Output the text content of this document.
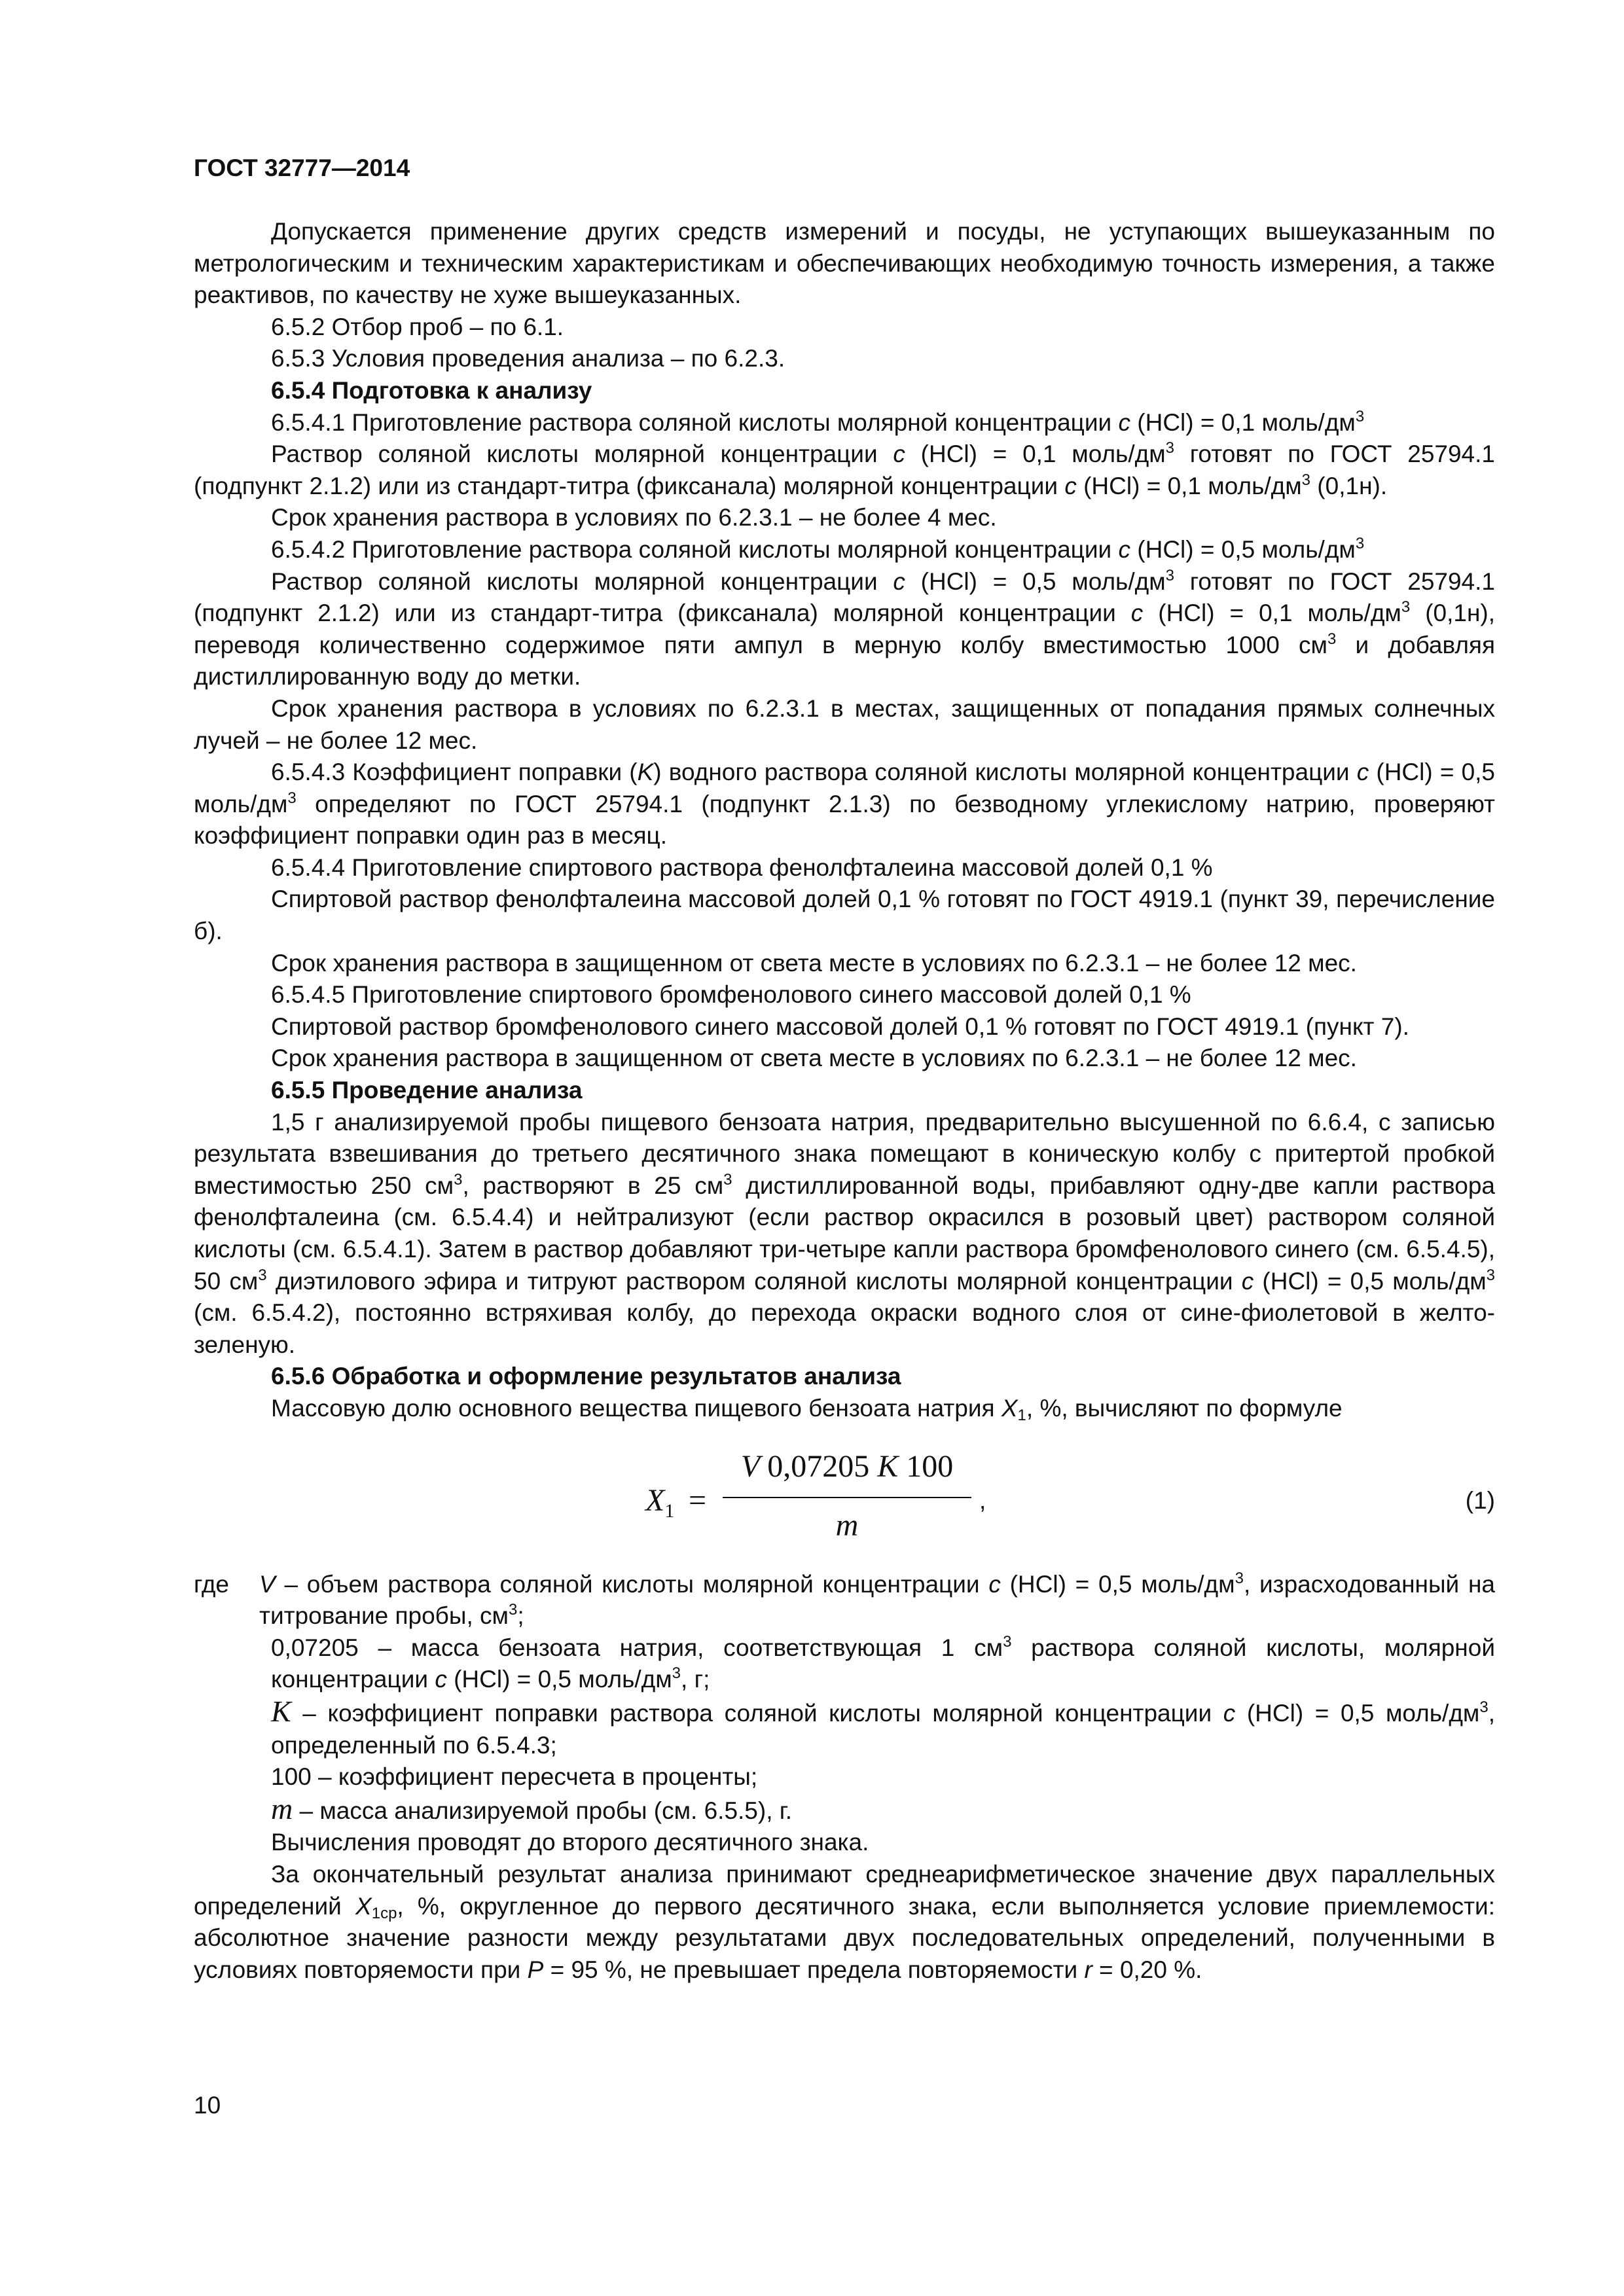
ГОСТ 32777—2014

Допускается применение других средств измерений и посуды, не уступающих вышеуказанным по метрологическим и техническим характеристикам и обеспечивающих необходимую точность измерения, а также реактивов, по качеству не хуже вышеуказанных.

6.5.2 Отбор проб – по 6.1.

6.5.3 Условия проведения анализа – по 6.2.3.

6.5.4 Подготовка к анализу

6.5.4.1 Приготовление раствора соляной кислоты молярной концентрации c (HCl) = 0,1 моль/$дм^3$

Раствор соляной кислоты молярной концентрации c (HCl) = 0,1 моль/$дм^3$ готовят по ГОСТ 25794.1 (подпункт 2.1.2) или из стандарт-титра (фиксанала) молярной концентрации c (HCl) = 0,1 моль/$дм^3$ (0,1н).

Срок хранения раствора в условиях по 6.2.3.1 – не более 4 мес.

6.5.4.2 Приготовление раствора соляной кислоты молярной концентрации c (HCl) = 0,5 моль/$дм^3$

Раствор соляной кислоты молярной концентрации c (HCl) = 0,5 моль/$дм^3$ готовят по ГОСТ 25794.1 (подпункт 2.1.2) или из стандарт-титра (фиксанала) молярной концентрации c (HCl) = 0,1 моль/$дм^3$ (0,1н), переводя количественно содержимое пяти ампул в мерную колбу вместимостью 1000 $см^3$ и добавляя дистиллированную воду до метки.

Срок хранения раствора в условиях по 6.2.3.1 в местах, защищенных от попадания прямых солнечных лучей – не более 12 мес.

6.5.4.3 Коэффициент поправки (K) водного раствора соляной кислоты молярной концентрации c (HCl) = 0,5 моль/$дм^3$ определяют по ГОСТ 25794.1 (подпункт 2.1.3) по безводному углекислому натрию, проверяют коэффициент поправки один раз в месяц.

6.5.4.4 Приготовление спиртового раствора фенолфталеина массовой долей 0,1 %

Спиртовой раствор фенолфталеина массовой долей 0,1 % готовят по ГОСТ 4919.1 (пункт 39, перечисление б).

Срок хранения раствора в защищенном от света месте в условиях по 6.2.3.1 – не более 12 мес.

6.5.4.5 Приготовление спиртового бромфенолового синего массовой долей 0,1 %

Спиртовой раствор бромфенолового синего массовой долей 0,1 % готовят по ГОСТ 4919.1 (пункт 7).

Срок хранения раствора в защищенном от света месте в условиях по 6.2.3.1 – не более 12 мес.

6.5.5 Проведение анализа

1,5 г анализируемой пробы пищевого бензоата натрия, предварительно высушенной по 6.6.4, с записью результата взвешивания до третьего десятичного знака помещают в коническую колбу с притертой пробкой вместимостью 250 $см^3$, растворяют в 25 $см^3$ дистиллированной воды, прибавляют одну-две капли раствора фенолфталеина (см. 6.5.4.4) и нейтрализуют (если раствор окрасился в розовый цвет) раствором соляной кислоты (см. 6.5.4.1). Затем в раствор добавляют три-четыре капли раствора бромфенолового синего (см. 6.5.4.5), 50 $см^3$ диэтилового эфира и титруют раствором соляной кислоты молярной концентрации c (HCl) = 0,5 моль/$дм^3$ (см. 6.5.4.2), постоянно встряхивая колбу, до перехода окраски водного слоя от сине-фиолетовой в желто-зеленую.

6.5.6 Обработка и оформление результатов анализа

Массовую долю основного вещества пищевого бензоата натрия $X_1$, %, вычисляют по формуле

$X_1$ =
V 0,07205 K 100
m
,	(1)
где V – объем раствора соляной кислоты молярной концентрации c (HCl) = 0,5 моль/$дм^3$, израсходованный на титрование пробы, $см^3$;

0,07205 – масса бензоата натрия, соответствующая 1 $см^3$ раствора соляной кислоты, молярной концентрации c (HCl) = 0,5 моль/$дм^3$, г;

K – коэффициент поправки раствора соляной кислоты молярной концентрации c (HCl) = 0,5 моль/$дм^3$, определенный по 6.5.4.3;

100 – коэффициент пересчета в проценты;

m – масса анализируемой пробы (см. 6.5.5), г.

Вычисления проводят до второго десятичного знака.

За окончательный результат анализа принимают среднеарифметическое значение двух параллельных определений $X_{1ср}$, %, округленное до первого десятичного знака, если выполняется условие приемлемости: абсолютное значение разности между результатами двух последовательных определений, полученными в условиях повторяемости при P = 95 %, не превышает предела повторяемости r = 0,20 %.

10
